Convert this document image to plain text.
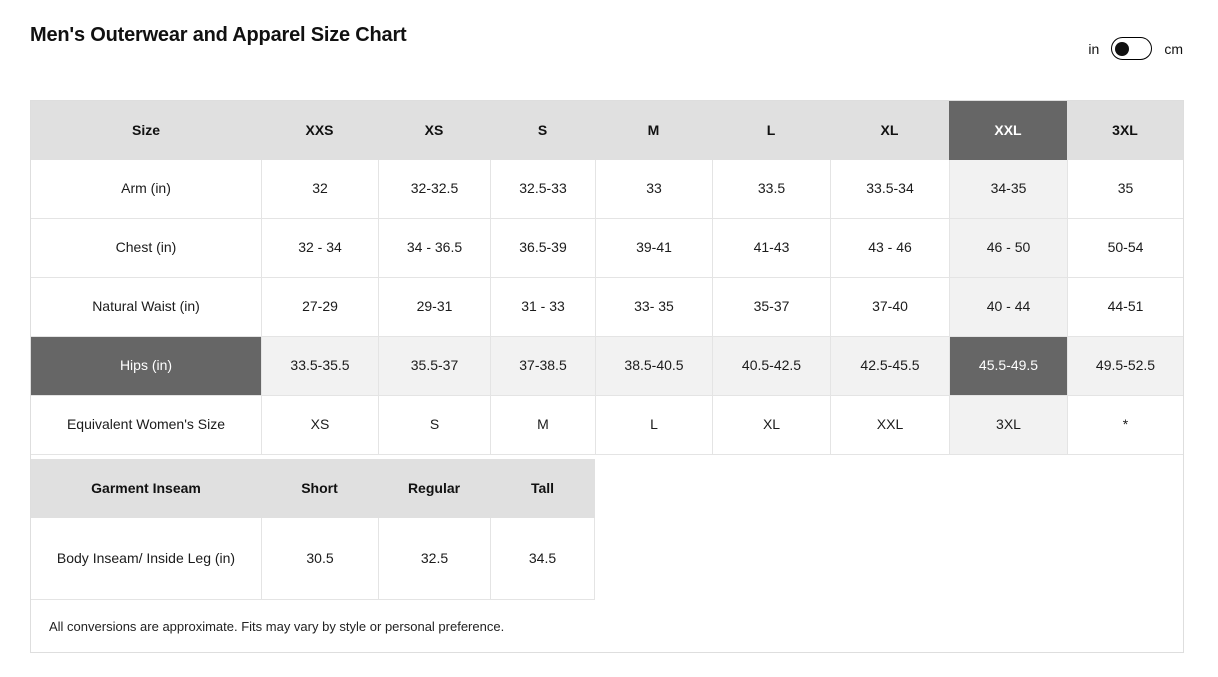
Men's Outerwear and Apparel Size Chart
in	cm
Size	XXS	XS	S	M	L	XL	XXL	3XL
Arm (in)	32	32-32.5	32.5-33	33	33.5	33.5-34	34-35	35
Chest (in)	32 - 34	34 - 36.5	36.5-39	39-41	41-43	43 - 46	46 - 50	50-54
Natural Waist (in)	27-29	29-31	31 - 33	33- 35	35-37	37-40	40 - 44	44-51
Hips (in)	33.5-35.5	35.5-37	37-38.5	38.5-40.5	40.5-42.5	42.5-45.5	45.5-49.5	49.5-52.5
Equivalent Women's Size	XS	S	M	L	XL	XXL	3XL	*
Garment Inseam	Short	Regular	Tall
Body Inseam/ Inside Leg (in)	30.5	32.5	34.5
All conversions are approximate. Fits may vary by style or personal preference.
